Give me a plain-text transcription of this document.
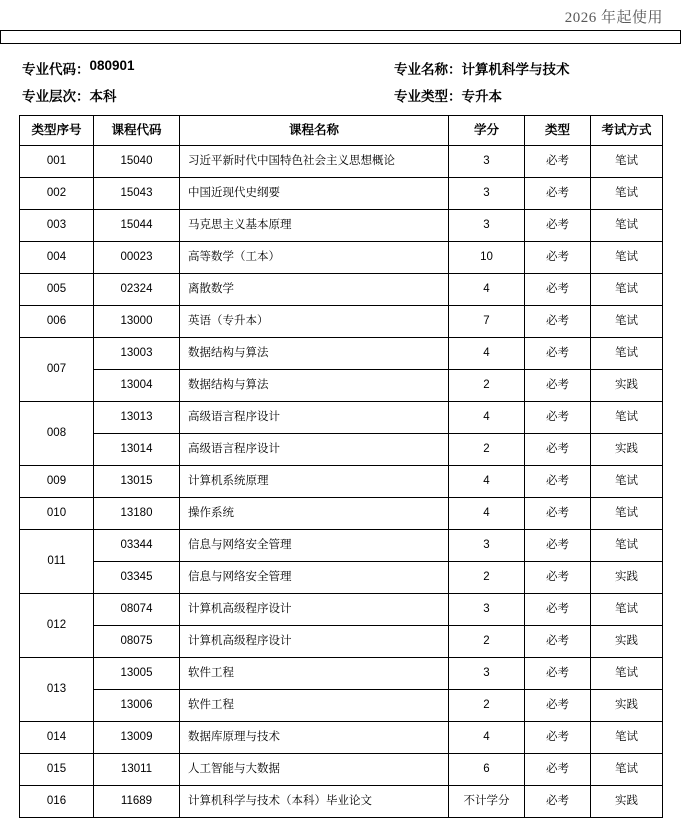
2026 年起使用
专业代码： 080901	专业名称： 计算机科学与技术
专业层次： 本科	专业类型： 专升本
类型序号	课程代码	课程名称	学分	类型	考试方式
001	15040	习近平新时代中国特色社会主义思想概论	3	必考	笔试
002	15043	中国近现代史纲要	3	必考	笔试
003	15044	马克思主义基本原理	3	必考	笔试
004	00023	高等数学（工本）	10	必考	笔试
005	02324	离散数学	4	必考	笔试
006	13000	英语（专升本）	7	必考	笔试
007	13003	数据结构与算法	4	必考	笔试
	13004	数据结构与算法	2	必考	实践
008	13013	高级语言程序设计	4	必考	笔试
	13014	高级语言程序设计	2	必考	实践
009	13015	计算机系统原理	4	必考	笔试
010	13180	操作系统	4	必考	笔试
011	03344	信息与网络安全管理	3	必考	笔试
	03345	信息与网络安全管理	2	必考	实践
012	08074	计算机高级程序设计	3	必考	笔试
	08075	计算机高级程序设计	2	必考	实践
013	13005	软件工程	3	必考	笔试
	13006	软件工程	2	必考	实践
014	13009	数据库原理与技术	4	必考	笔试
015	13011	人工智能与大数据	6	必考	笔试
016	11689	计算机科学与技术（本科）毕业论文	不计学分	必考	实践
